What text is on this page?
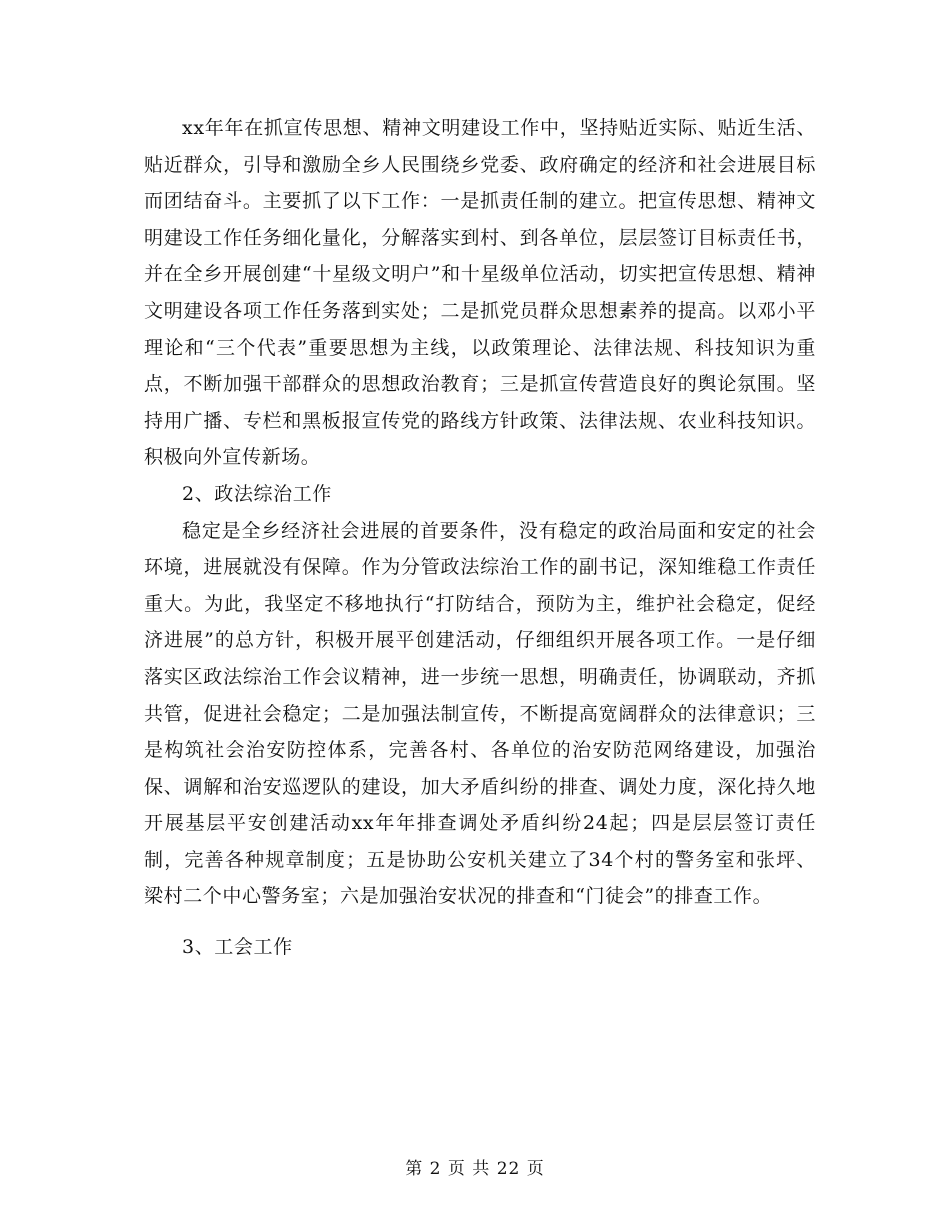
xx年年在抓宣传思想、精神文明建设工作中，坚持贴近实际、贴近生活、贴近群众，引导和激励全乡人民围绕乡党委、政府确定的经济和社会进展目标而团结奋斗。主要抓了以下工作：一是抓责任制的建立。把宣传思想、精神文明建设工作任务细化量化，分解落实到村、到各单位，层层签订目标责任书，并在全乡开展创建“十星级文明户”和十星级单位活动，切实把宣传思想、精神文明建设各项工作任务落到实处；二是抓党员群众思想素养的提高。以邓小平理论和“三个代表”重要思想为主线，以政策理论、法律法规、科技知识为重点，不断加强干部群众的思想政治教育；三是抓宣传营造良好的舆论氛围。坚持用广播、专栏和黑板报宣传党的路线方针政策、法律法规、农业科技知识。积极向外宣传新场。

2、政法综治工作

稳定是全乡经济社会进展的首要条件，没有稳定的政治局面和安定的社会环境，进展就没有保障。作为分管政法综治工作的副书记，深知维稳工作责任重大。为此，我坚定不移地执行“打防结合，预防为主，维护社会稳定，促经济进展”的总方针，积极开展平创建活动，仔细组织开展各项工作。一是仔细落实区政法综治工作会议精神，进一步统一思想，明确责任，协调联动，齐抓共管，促进社会稳定；二是加强法制宣传，不断提高宽阔群众的法律意识；三是构筑社会治安防控体系，完善各村、各单位的治安防范网络建设，加强治保、调解和治安巡逻队的建设，加大矛盾纠纷的排查、调处力度，深化持久地开展基层平安创建活动xx年年排查调处矛盾纠纷24起；四是层层签订责任制，完善各种规章制度；五是协助公安机关建立了34个村的警务室和张坪、梁村二个中心警务室；六是加强治安状况的排查和“门徒会”的排查工作。

3、工会工作

第 2 页 共 22 页
